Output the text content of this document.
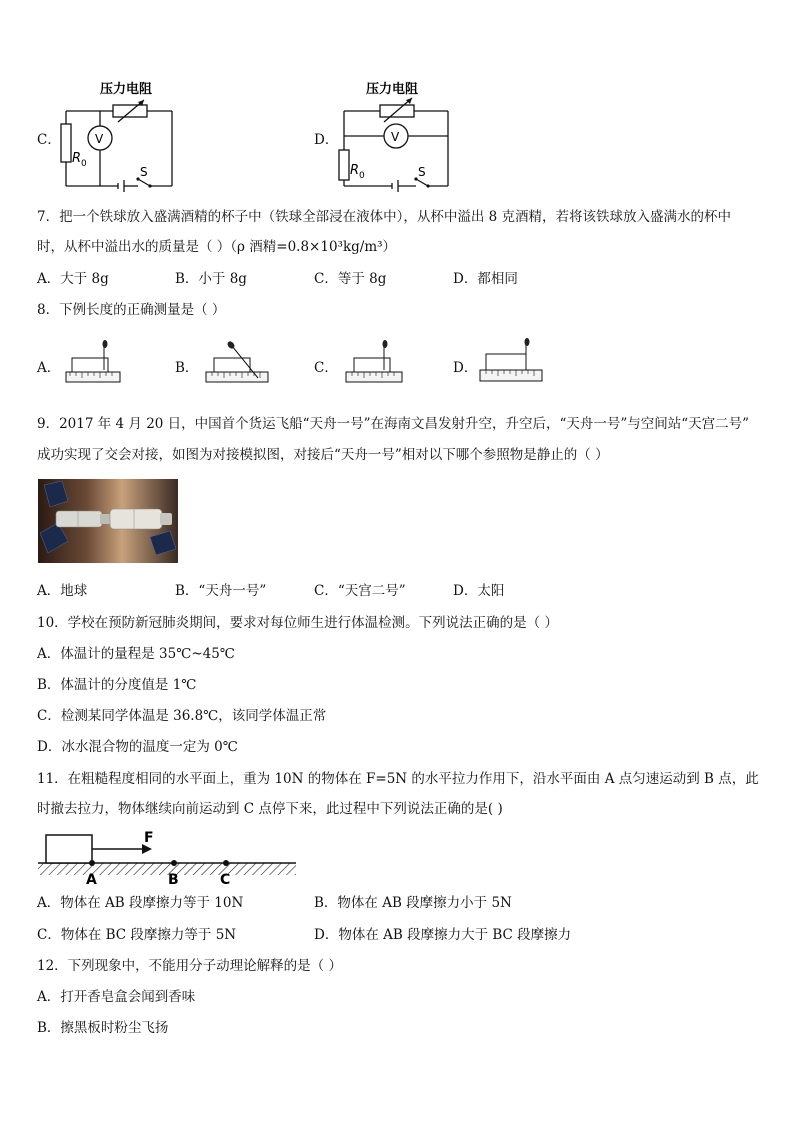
C．
压力电阻
V
R 0
S
D．
压力电阻
V
R 0	S
7．把一个铁球放入盛满酒精的杯子中（铁球全部浸在液体中），从杯中溢出 8 克酒精，若将该铁球放入盛满水的杯中
时，从杯中溢出水的质量是（ ）（ρ 酒精=0.8×10³kg/m³）
A．大于 8g	B．小于 8g	C．等于 8g	D．都相同
8．下例长度的正确测量是（ ）
A．	B．	C．	D．
9．2017 年 4 月 20 日，中国首个货运飞船“天舟一号”在海南文昌发射升空，升空后，“天舟一号”与空间站“天宫二号”
成功实现了交会对接，如图为对接模拟图，对接后“天舟一号”相对以下哪个参照物是静止的（ ）
A．地球	B．“天舟一号”	C．“天宫二号”	D．太阳
10．学校在预防新冠肺炎期间，要求对每位师生进行体温检测。下列说法正确的是（ ）
A．体温计的量程是 35℃~45℃
B．体温计的分度值是 1℃
C．检测某同学体温是 36.8℃，该同学体温正常
D．冰水混合物的温度一定为 0℃
11．在粗糙程度相同的水平面上，重为 10N 的物体在 F=5N 的水平拉力作用下，沿水平面由 A 点匀速运动到 B 点，此
时撤去拉力，物体继续向前运动到 C 点停下来，此过程中下列说法正确的是( )
F
A	B	C
A．物体在 AB 段摩擦力等于 10N	B．物体在 AB 段摩擦力小于 5N
C．物体在 BC 段摩擦力等于 5N	D．物体在 AB 段摩擦力大于 BC 段摩擦力
12．下列现象中，不能用分子动理论解释的是（ ）
A．打开香皂盒会闻到香味
B．擦黑板时粉尘飞扬
